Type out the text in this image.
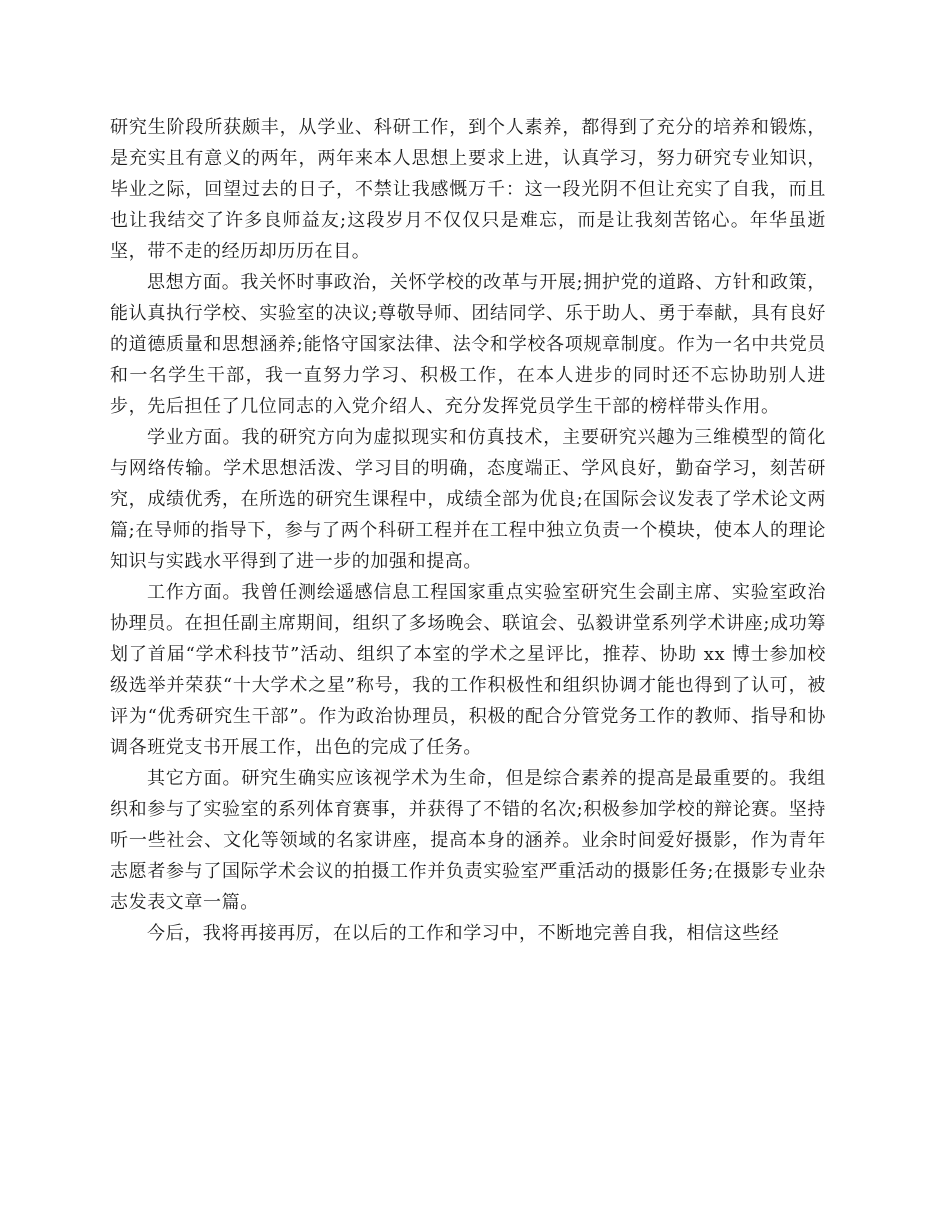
研究生阶段所获颇丰，从学业、科研工作，到个人素养，都得到了充分的培养和锻炼，是充实且有意义的两年，两年来本人思想上要求上进，认真学习，努力研究专业知识，毕业之际，回望过去的日子，不禁让我感慨万千：这一段光阴不但让充实了自我，而且也让我结交了许多良师益友;这段岁月不仅仅只是难忘，而是让我刻苦铭心。年华虽逝坚，带不走的经历却历历在目。

思想方面。我关怀时事政治，关怀学校的改革与开展;拥护党的道路、方针和政策，能认真执行学校、实验室的决议;尊敬导师、团结同学、乐于助人、勇于奉献，具有良好的道德质量和思想涵养;能恪守国家法律、法令和学校各项规章制度。作为一名中共党员和一名学生干部，我一直努力学习、积极工作，在本人进步的同时还不忘协助别人进步，先后担任了几位同志的入党介绍人、充分发挥党员学生干部的榜样带头作用。

学业方面。我的研究方向为虚拟现实和仿真技术，主要研究兴趣为三维模型的简化与网络传输。学术思想活泼、学习目的明确，态度端正、学风良好，勤奋学习，刻苦研究，成绩优秀，在所选的研究生课程中，成绩全部为优良;在国际会议发表了学术论文两篇;在导师的指导下，参与了两个科研工程并在工程中独立负责一个模块，使本人的理论知识与实践水平得到了进一步的加强和提高。

工作方面。我曾任测绘遥感信息工程国家重点实验室研究生会副主席、实验室政治协理员。在担任副主席期间，组织了多场晚会、联谊会、弘毅讲堂系列学术讲座;成功筹划了首届“学术科技节”活动、组织了本室的学术之星评比，推荐、协助 xx 博士参加校级选举并荣获“十大学术之星”称号，我的工作积极性和组织协调才能也得到了认可，被评为“优秀研究生干部”。作为政治协理员，积极的配合分管党务工作的教师、指导和协调各班党支书开展工作，出色的完成了任务。

其它方面。研究生确实应该视学术为生命，但是综合素养的提高是最重要的。我组织和参与了实验室的系列体育赛事，并获得了不错的名次;积极参加学校的辩论赛。坚持听一些社会、文化等领域的名家讲座，提高本身的涵养。业余时间爱好摄影，作为青年志愿者参与了国际学术会议的拍摄工作并负责实验室严重活动的摄影任务;在摄影专业杂志发表文章一篇。

今后，我将再接再厉，在以后的工作和学习中，不断地完善自我，相信这些经
